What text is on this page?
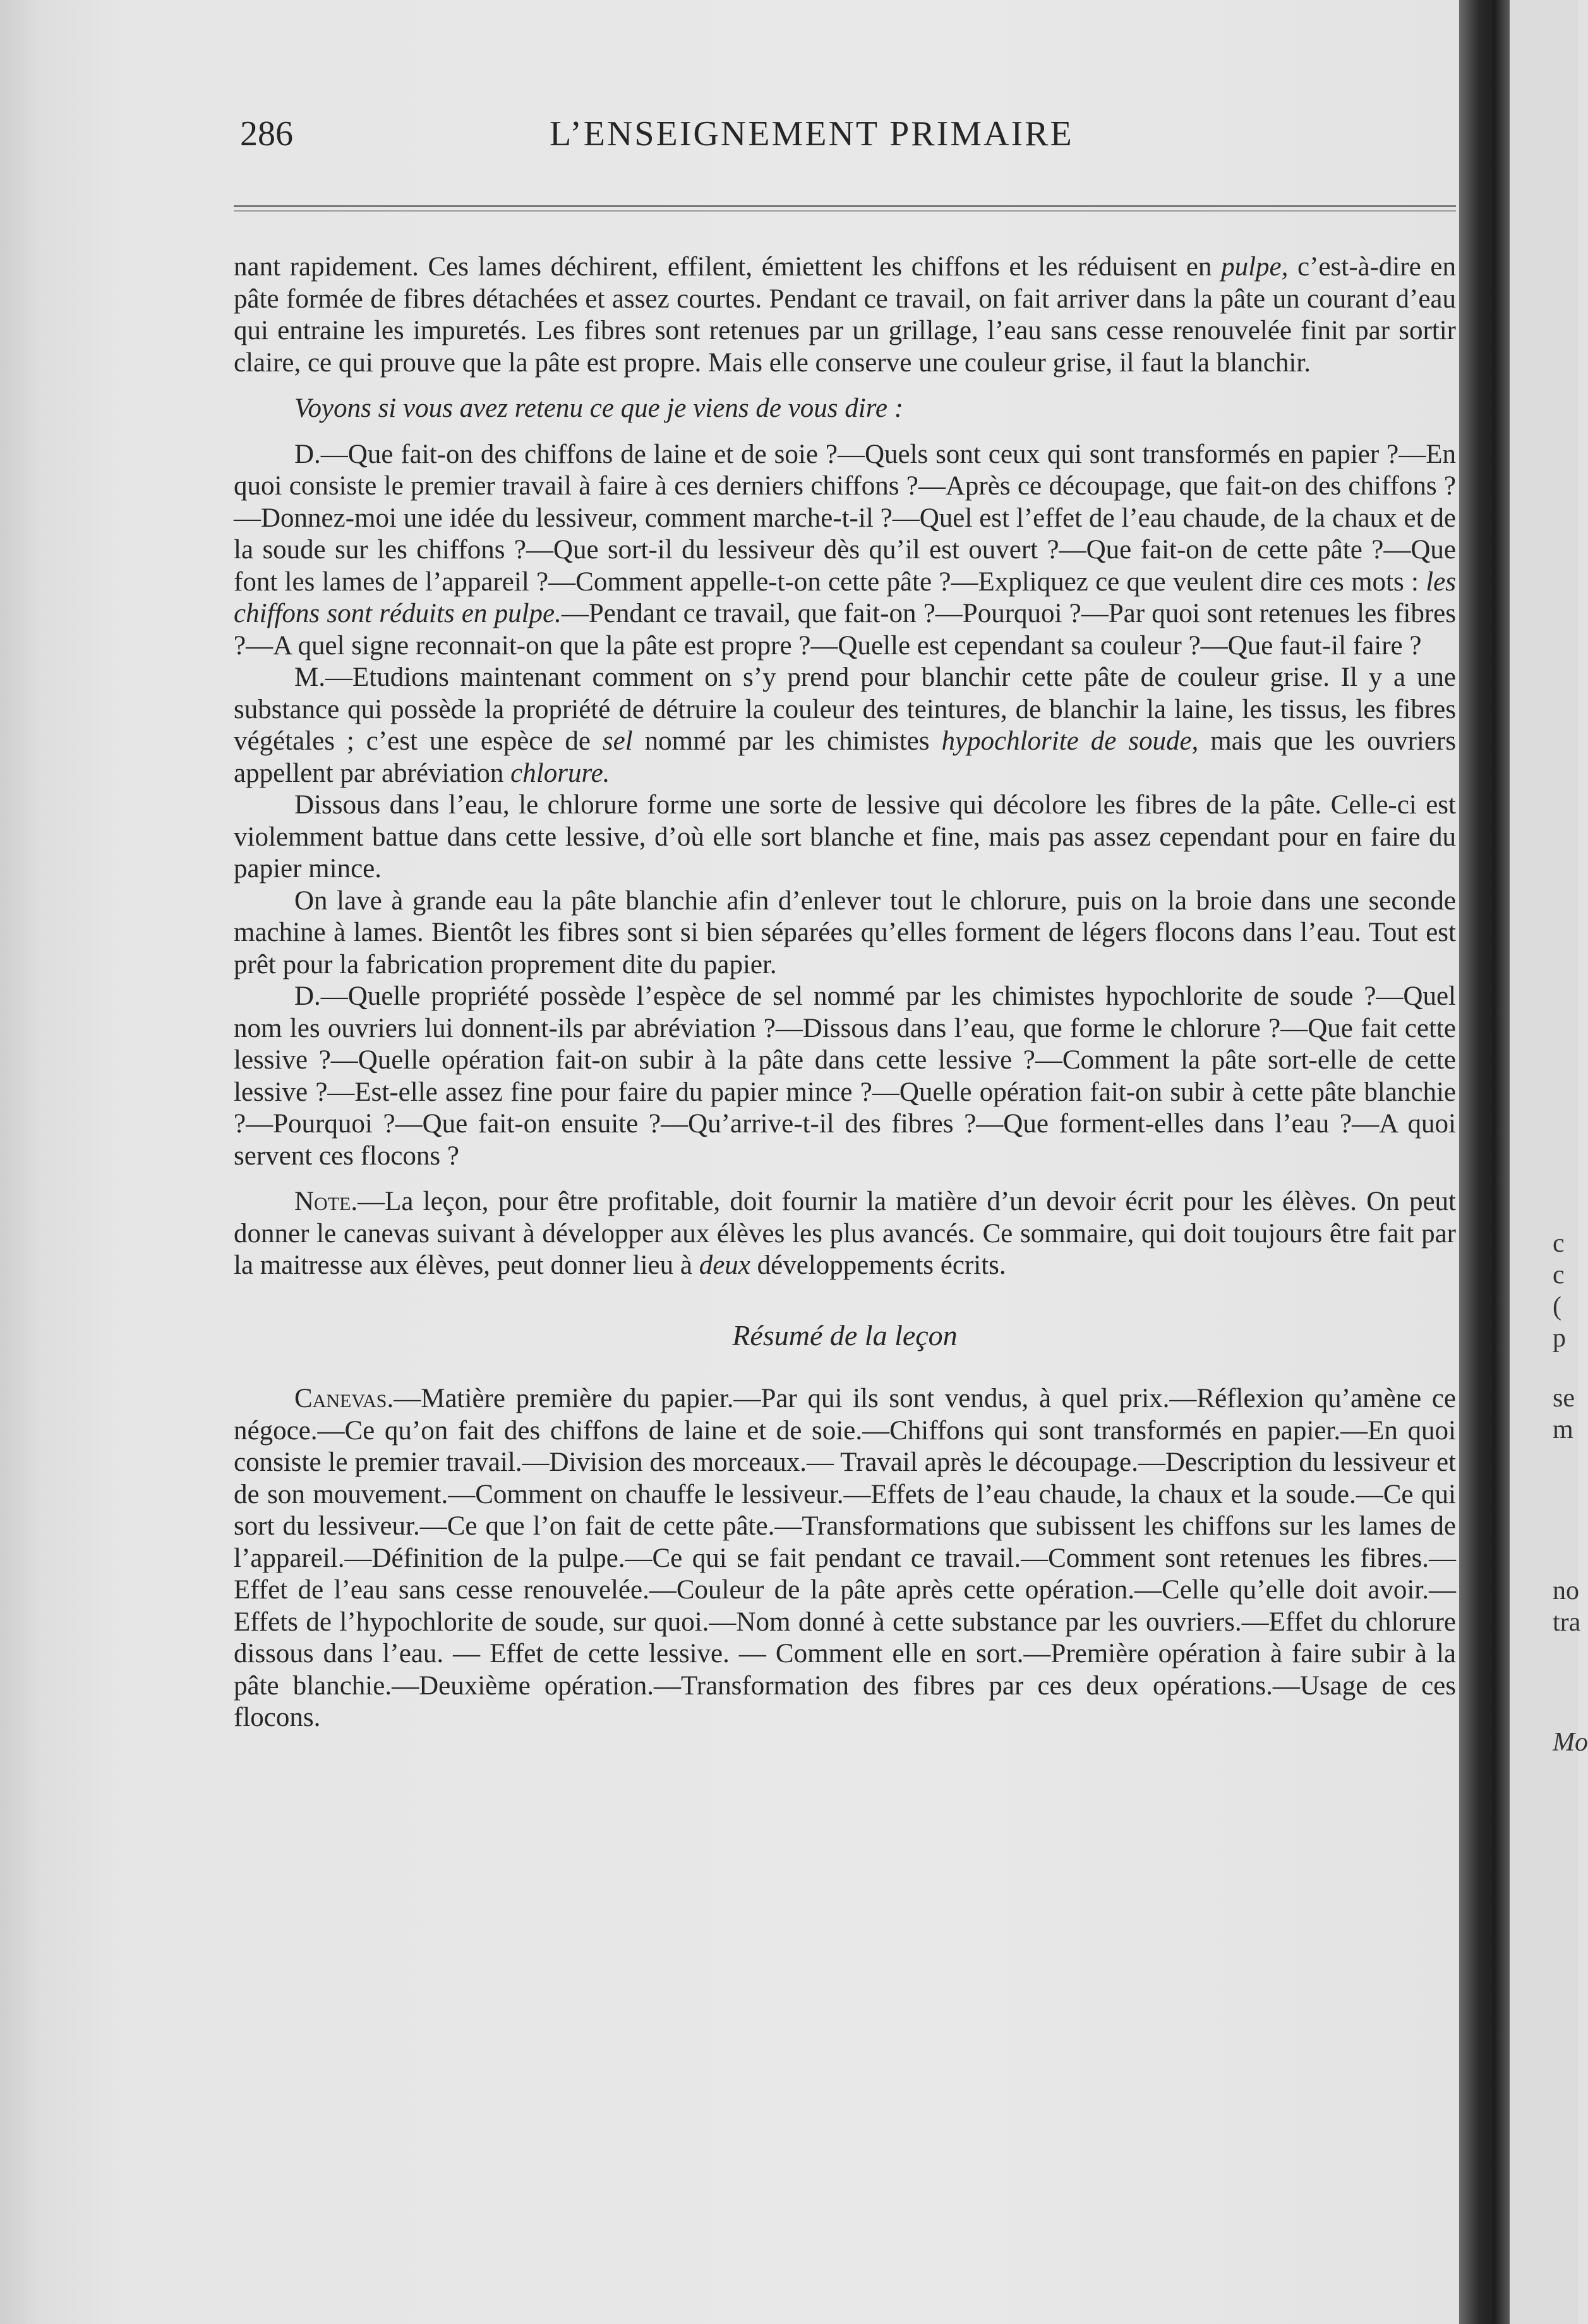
286	L’ENSEIGNEMENT PRIMAIRE

nant rapidement. Ces lames déchirent, effilent, émiettent les chiffons et les réduisent en pulpe, c’est-à-dire en pâte formée de fibres détachées et assez courtes. Pendant ce travail, on fait arriver dans la pâte un courant d’eau qui entraine les impuretés. Les fibres sont retenues par un grillage, l’eau sans cesse renouvelée finit par sortir claire, ce qui prouve que la pâte est propre. Mais elle conserve une couleur grise, il faut la blanchir.

Voyons si vous avez retenu ce que je viens de vous dire :

D.—Que fait-on des chiffons de laine et de soie ?—Quels sont ceux qui sont transformés en papier ?—En quoi consiste le premier travail à faire à ces derniers chiffons ?—Après ce découpage, que fait-on des chiffons ?—Donnez-moi une idée du lessiveur, comment marche-t-il ?—Quel est l’effet de l’eau chaude, de la chaux et de la soude sur les chiffons ?—Que sort-il du lessiveur dès qu’il est ouvert ?—Que fait-on de cette pâte ?—Que font les lames de l’appareil ?—Comment appelle-t-on cette pâte ?—Expliquez ce que veulent dire ces mots : les chiffons sont réduits en pulpe.—Pendant ce travail, que fait-on ?—Pourquoi ?—Par quoi sont retenues les fibres ?—A quel signe reconnait-on que la pâte est propre ?—Quelle est cependant sa couleur ?—Que faut-il faire ?

M.—Etudions maintenant comment on s’y prend pour blanchir cette pâte de couleur grise. Il y a une substance qui possède la propriété de détruire la couleur des teintures, de blanchir la laine, les tissus, les fibres végétales ; c’est une espèce de sel nommé par les chimistes hypochlorite de soude, mais que les ouvriers appellent par abréviation chlorure.

Dissous dans l’eau, le chlorure forme une sorte de lessive qui décolore les fibres de la pâte. Celle-ci est violemment battue dans cette lessive, d’où elle sort blanche et fine, mais pas assez cependant pour en faire du papier mince.

On lave à grande eau la pâte blanchie afin d’enlever tout le chlorure, puis on la broie dans une seconde machine à lames. Bientôt les fibres sont si bien séparées qu’elles forment de légers flocons dans l’eau. Tout est prêt pour la fabrication proprement dite du papier.

D.—Quelle propriété possède l’espèce de sel nommé par les chimistes hypochlorite de soude ?—Quel nom les ouvriers lui donnent-ils par abréviation ?—Dissous dans l’eau, que forme le chlorure ?—Que fait cette lessive ?—Quelle opération fait-on subir à la pâte dans cette lessive ?—Comment la pâte sort-elle de cette lessive ?—Est-elle assez fine pour faire du papier mince ?—Quelle opération fait-on subir à cette pâte blanchie ?—Pourquoi ?—Que fait-on ensuite ?—Qu’arrive-t-il des fibres ?—Que forment-elles dans l’eau ?—A quoi servent ces flocons ?

Note.—La leçon, pour être profitable, doit fournir la matière d’un devoir écrit pour les élèves. On peut donner le canevas suivant à développer aux élèves les plus avancés. Ce sommaire, qui doit toujours être fait par la maitresse aux élèves, peut donner lieu à deux développements écrits.

Résumé de la leçon

Canevas.—Matière première du papier.—Par qui ils sont vendus, à quel prix.—Réflexion qu’amène ce négoce.—Ce qu’on fait des chiffons de laine et de soie.—Chiffons qui sont transformés en papier.—En quoi consiste le premier travail.—Division des morceaux.— Travail après le découpage.—Description du lessiveur et de son mouvement.—Comment on chauffe le lessiveur.—Effets de l’eau chaude, la chaux et la soude.—Ce qui sort du lessiveur.—Ce que l’on fait de cette pâte.—Transformations que subissent les chiffons sur les lames de l’appareil.—Définition de la pulpe.—Ce qui se fait pendant ce travail.—Comment sont retenues les fibres.—Effet de l’eau sans cesse renouvelée.—Couleur de la pâte après cette opération.—Celle qu’elle doit avoir.—Effets de l’hypochlorite de soude, sur quoi.—Nom donné à cette substance par les ouvriers.—Effet du chlorure dissous dans l’eau. — Effet de cette lessive. — Comment elle en sort.—Première opération à faire subir à la pâte blanchie.—Deuxième opération.—Transformation des fibres par ces deux opérations.—Usage de ces flocons.

c
c
(
p
se
m
no
tra
Mo
